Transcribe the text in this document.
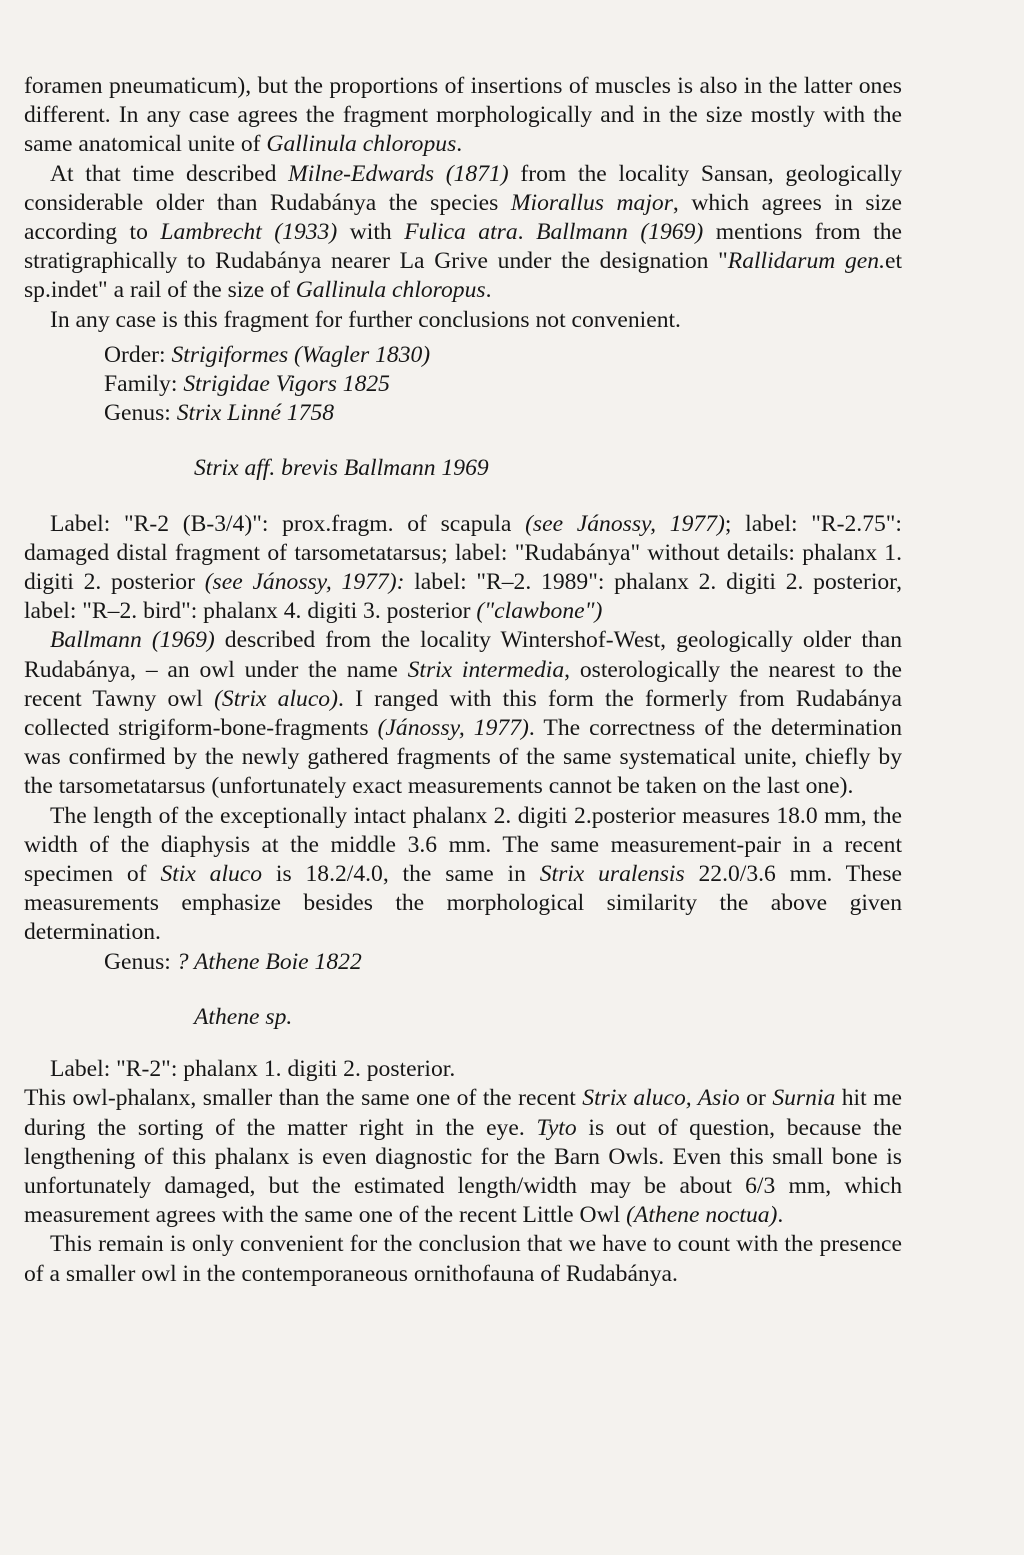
foramen pneumaticum), but the proportions of insertions of muscles is also in the latter ones different. In any case agrees the fragment morphologically and in the size mostly with the same anatomical unite of Gallinula chloropus.

At that time described Milne-Edwards (1871) from the locality Sansan, geologically considerable older than Rudabánya the species Miorallus major, which agrees in size according to Lambrecht (1933) with Fulica atra. Ballmann (1969) mentions from the stratigraphically to Rudabánya nearer La Grive under the designation "Rallidarum gen.et sp.indet" a rail of the size of Gallinula chloropus.

In any case is this fragment for further conclusions not convenient.

Order: Strigiformes (Wagler 1830)

Family: Strigidae Vigors 1825

Genus: Strix Linné 1758

Strix aff. brevis Ballmann 1969

Label: "R-2 (B-3/4)": prox.fragm. of scapula (see Jánossy, 1977); label: "R-2.75": damaged distal fragment of tarsometatarsus; label: "Rudabánya" without details: phalanx 1. digiti 2. posterior (see Jánossy, 1977): label: "R–2. 1989": phalanx 2. digiti 2. posterior, label: "R–2. bird": phalanx 4. digiti 3. posterior ("clawbone")

Ballmann (1969) described from the locality Wintershof-West, geologically older than Rudabánya, – an owl under the name Strix intermedia, osterologically the nearest to the recent Tawny owl (Strix aluco). I ranged with this form the formerly from Rudabánya collected strigiform-bone-fragments (Jánossy, 1977). The correctness of the determination was confirmed by the newly gathered fragments of the same systematical unite, chiefly by the tarsometatarsus (unfortunately exact measurements cannot be taken on the last one).

The length of the exceptionally intact phalanx 2. digiti 2.posterior measures 18.0 mm, the width of the diaphysis at the middle 3.6 mm. The same measurement-pair in a recent specimen of Stix aluco is 18.2/4.0, the same in Strix uralensis 22.0/3.6 mm. These measurements emphasize besides the morphological similarity the above given determination.

Genus: ? Athene Boie 1822

Athene sp.

Label: "R-2": phalanx 1. digiti 2. posterior.

This owl-phalanx, smaller than the same one of the recent Strix aluco, Asio or Surnia hit me during the sorting of the matter right in the eye. Tyto is out of question, because the lengthening of this phalanx is even diagnostic for the Barn Owls. Even this small bone is unfortunately damaged, but the estimated length/width may be about 6/3 mm, which measurement agrees with the same one of the recent Little Owl (Athene noctua).

This remain is only convenient for the conclusion that we have to count with the presence of a smaller owl in the contemporaneous ornithofauna of Rudabánya.
